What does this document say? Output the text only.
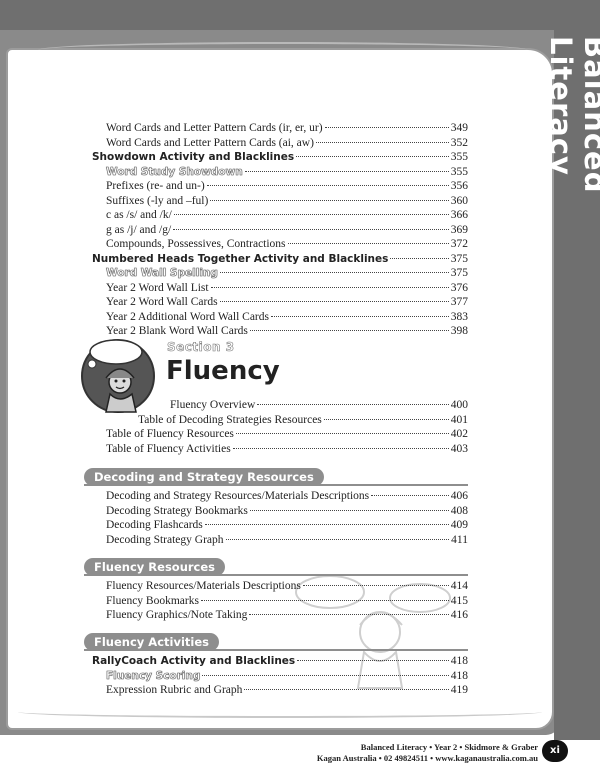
Balanced Literacy
Word Cards and Letter Pattern Cards (ir, er, ur)	349
Word Cards and Letter Pattern Cards (ai, aw)	352
Showdown Activity and Blacklines	355
Word Study Showdown	355
Prefixes (re- and un-)	356
Suffixes (-ly and –ful)	360
c as /s/ and /k/	366
g as /j/ and /g/	369
Compounds, Possessives, Contractions	372
Numbered Heads Together Activity and Blacklines	375
Word Wall Spelling	375
Year 2 Word Wall List	376
Year 2 Word Wall Cards	377
Year 2 Additional Word Wall Cards	383
Year 2 Blank Word Wall Cards	398
Fluency Overview	400
Table of Decoding Strategies Resources	401
Table of Fluency Resources	402
Table of Fluency Activities	403
Decoding and Strategy Resources
Decoding and Strategy Resources/Materials Descriptions	406
Decoding Strategy Bookmarks	408
Decoding Flashcards	409
Decoding Strategy Graph	411
Fluency Resources
Fluency Resources/Materials Descriptions	414
Fluency Bookmarks	415
Fluency Graphics/Note Taking	416
Fluency Activities
RallyCoach Activity and Blacklines	418
Fluency Scoring	418
Expression Rubric and Graph	419
Section 3
Fluency
Balanced Literacy • Year 2 • Skidmore & Graber
Kagan Australia • 02 49824511 • www.kaganaustralia.com.au
xi
